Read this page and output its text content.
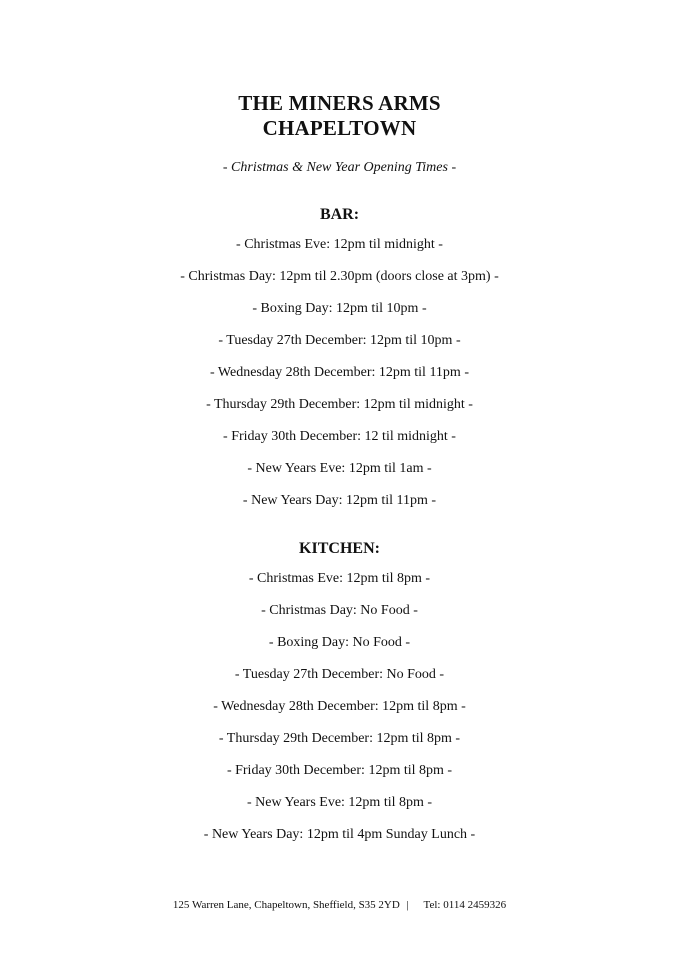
THE MINERS ARMS
CHAPELTOWN
- Christmas & New Year Opening Times -
BAR:
- Christmas Eve: 12pm til midnight -
- Christmas Day: 12pm til 2.30pm (doors close at 3pm) -
- Boxing Day: 12pm til 10pm -
- Tuesday 27th December: 12pm til 10pm -
- Wednesday 28th December: 12pm til 11pm -
- Thursday 29th December: 12pm til midnight -
- Friday 30th December: 12 til midnight -
- New Years Eve: 12pm til 1am -
- New Years Day: 12pm til 11pm -
KITCHEN:
- Christmas Eve: 12pm til 8pm -
- Christmas Day: No Food -
- Boxing Day: No Food -
- Tuesday 27th December: No Food -
- Wednesday 28th December: 12pm til 8pm -
- Thursday 29th December: 12pm til 8pm -
- Friday 30th December: 12pm til 8pm -
- New Years Eve: 12pm til 8pm -
- New Years Day: 12pm til 4pm Sunday Lunch -
125 Warren Lane, Chapeltown, Sheffield, S35 2YD | Tel: 0114 2459326
